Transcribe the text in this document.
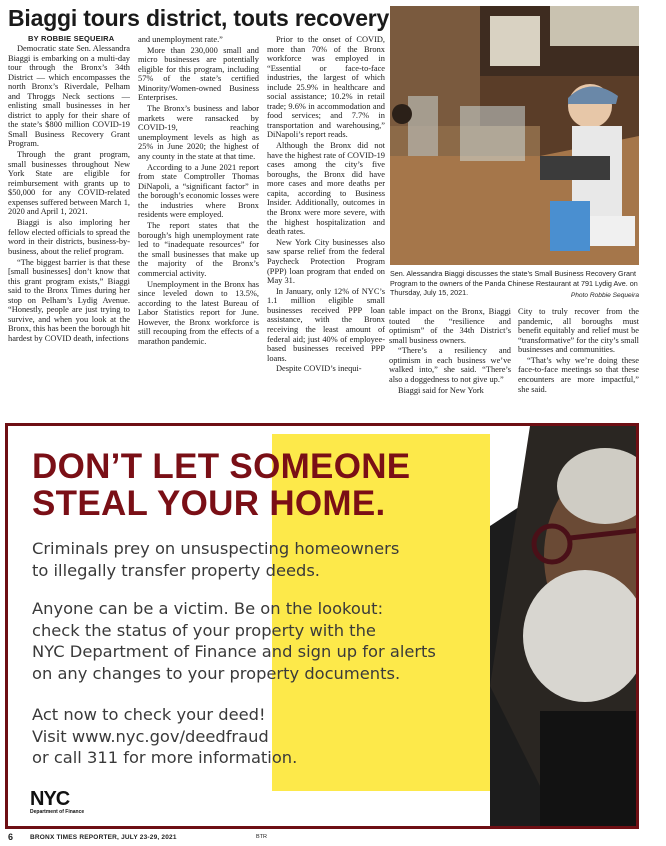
Biaggi tours district, touts recovery
BY ROBBIE SEQUEIRA

Democratic state Sen. Alessandra Biaggi is embarking on a multi-day tour through the Bronx’s 34th District — which encompasses the north Bronx’s Riverdale, Pelham and Throggs Neck sections — enlisting small businesses in her district to apply for their share of the state’s $800 million COVID-19 Small Business Recovery Grant Program.

Through the grant program, small businesses throughout New York State are eligible for reimbursement with grants up to $50,000 for any COVID-related expenses suffered between March 1, 2020 and April 1, 2021.

Biaggi is also imploring her fellow elected officials to spread the word in their districts, business-by-business, about the relief program.

“The biggest barrier is that these [small businesses] don’t know that this grant program exists,” Biaggi said to the Bronx Times during her stop on Pelham’s Lydig Avenue. “Honestly, people are just trying to survive, and when you look at the Bronx, this has been the borough hit hardest by COVID death, infections

and unemployment rate.”

More than 230,000 small and micro businesses are potentially eligible for this program, including 57% of the state’s certified Minority/Women-owned Business Enterprises.

The Bronx’s business and labor markets were ransacked by COVID-19, reaching unemployment levels as high as 25% in June 2020; the highest of any county in the state at that time.

According to a June 2021 report from state Comptroller Thomas DiNapoli, a “significant factor” in the borough’s economic losses were the industries where Bronx residents were employed.

The report states that the borough’s high unemployment rate led to “inadequate resources” for the small businesses that make up the majority of the Bronx’s commercial activity.

Unemployment in the Bronx has since leveled down to 13.5%, according to the latest Bureau of Labor Statistics report for June. However, the Bronx workforce is still recouping from the effects of a marathon pandemic.

Prior to the onset of COVID, more than 70% of the Bronx workforce was employed in “Essential or face-to-face industries, the largest of which include 25.9% in healthcare and social assistance; 10.2% in retail trade; 9.6% in accommodation and food services; and 7.7% in transportation and warehousing,” DiNapoli’s report reads.

Although the Bronx did not have the highest rate of COVID-19 cases among the city’s five boroughs, the Bronx did have more cases and more deaths per capita, according to Business Insider. Additionally, outcomes in the Bronx were more severe, with the highest hospitalization and death rates.

New York City businesses also saw sparse relief from the federal Paycheck Protection Program (PPP) loan program that ended on May 31.

In January, only 12% of NYC’s 1.1 million eligible small businesses received PPP loan assistance, with the Bronx receiving the least amount of federal aid; just 40% of employee-based businesses received PPP loans.

Despite COVID’s inequi-

Sen. Alessandra Biaggi discusses the state’s Small Business Recovery Grant Program to the owners of the Panda Chinese Restaurant at 791 Lydig Ave. on Thursday, July 15, 2021.	Photo Robbie Sequeira

table impact on the Bronx, Biaggi touted the “resilience and optimism” of the 34th District’s small business owners.

“There’s a resiliency and optimism in each business we’ve walked into,” she said. “There’s also a doggedness to not give up.”

Biaggi said for New York

City to truly recover from the pandemic, all boroughs must benefit equitably and relief must be “transformative” for the city’s small businesses and communities.

“That’s why we’re doing these face-to-face meetings so that these encounters are more impactful,” she said.

DON’T LET SOMEONE
STEAL YOUR HOME.
Criminals prey on unsuspecting homeowners
to illegally transfer property deeds.
Anyone can be a victim. Be on the lookout:
check the status of your property with the
NYC Department of Finance and sign up for alerts
on any changes to your property documents.
Act now to check your deed!
Visit www.nyc.gov/deedfraud
or call 311 for more information.
NYC
Department of Finance
6	BRONX TIMES REPORTER, JULY 23-29, 2021	BTR
